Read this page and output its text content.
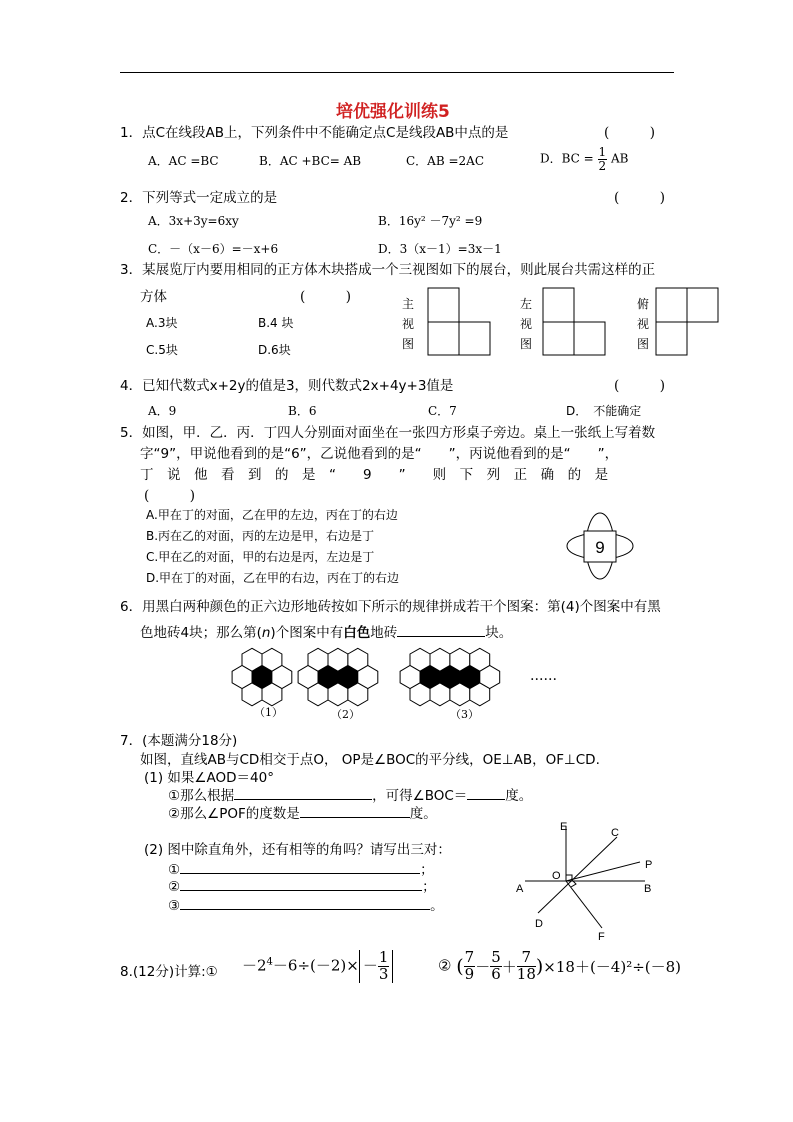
培优强化训练5
1．点C在线段AB上，下列条件中不能确定点C是线段AB中点的是	(　　　)
A．AC =BC	B．AC +BC= AB	C．AB =2AC	D．BC = $\frac{1}{2}$ AB
2．下列等式一定成立的是	(　　　)
A．3x+3y=6xy	B．16y² －7y² =9
C．－（x－6）=－x+6	D．3（x－1）=3x－1
3．某展览厅内要用相同的正方体木块搭成一个三视图如下的展台，则此展台共需这样的正
方体	(　　　)
A.3块	B.4 块
C.5块	D.6块
主
视
图
左
视
图
俯
视
图
4．已知代数式x+2y的值是3，则代数式2x+4y+3值是	(　　　)
A．9	B．6	C．7	D．　不能确定
5．如图，甲．乙．丙．丁四人分别面对面坐在一张四方形桌子旁边。桌上一张纸上写着数
字“9”，甲说他看到的是“6”，乙说他看到的是“　　”，丙说他看到的是“　　”，
丁　说　他　看　到　的　是　“　　9　　”　　则　下　列　正　确　的　是
(　　　)
A.甲在丁的对面，乙在甲的左边，丙在丁的右边
B.丙在乙的对面，丙的左边是甲，右边是丁
C.甲在乙的对面，甲的右边是丙，左边是丁
D.甲在丁的对面，乙在甲的右边，丙在丁的右边
9
6．用黑白两种颜色的正六边形地砖按如下所示的规律拼成若干个图案：第(4)个图案中有黑
色地砖4块；那么第(n)个图案中有白色地砖	块。
（1）	（2）	（3）
……
7．(本题满分18分)
如图，直线AB与CD相交于点O， OP是∠BOC的平分线，OE⊥AB，OF⊥CD.
(1) 如果∠AOD＝40°
①那么根据	，可得∠BOC＝	度。
②那么∠POF的度数是	度。
(2) 图中除直角外，还有相等的角吗？请写出三对：
①	；
②	；
③	。
E	C
P
O
A	B
D
F
8.(12分)计算:① $-2^4-6\div(-2)\times - \frac{1}{3}$	② ( $\frac{7}{9} - \frac{5}{6} + \frac{7}{18} )\times 18+(-4)^2\div(-8)$
